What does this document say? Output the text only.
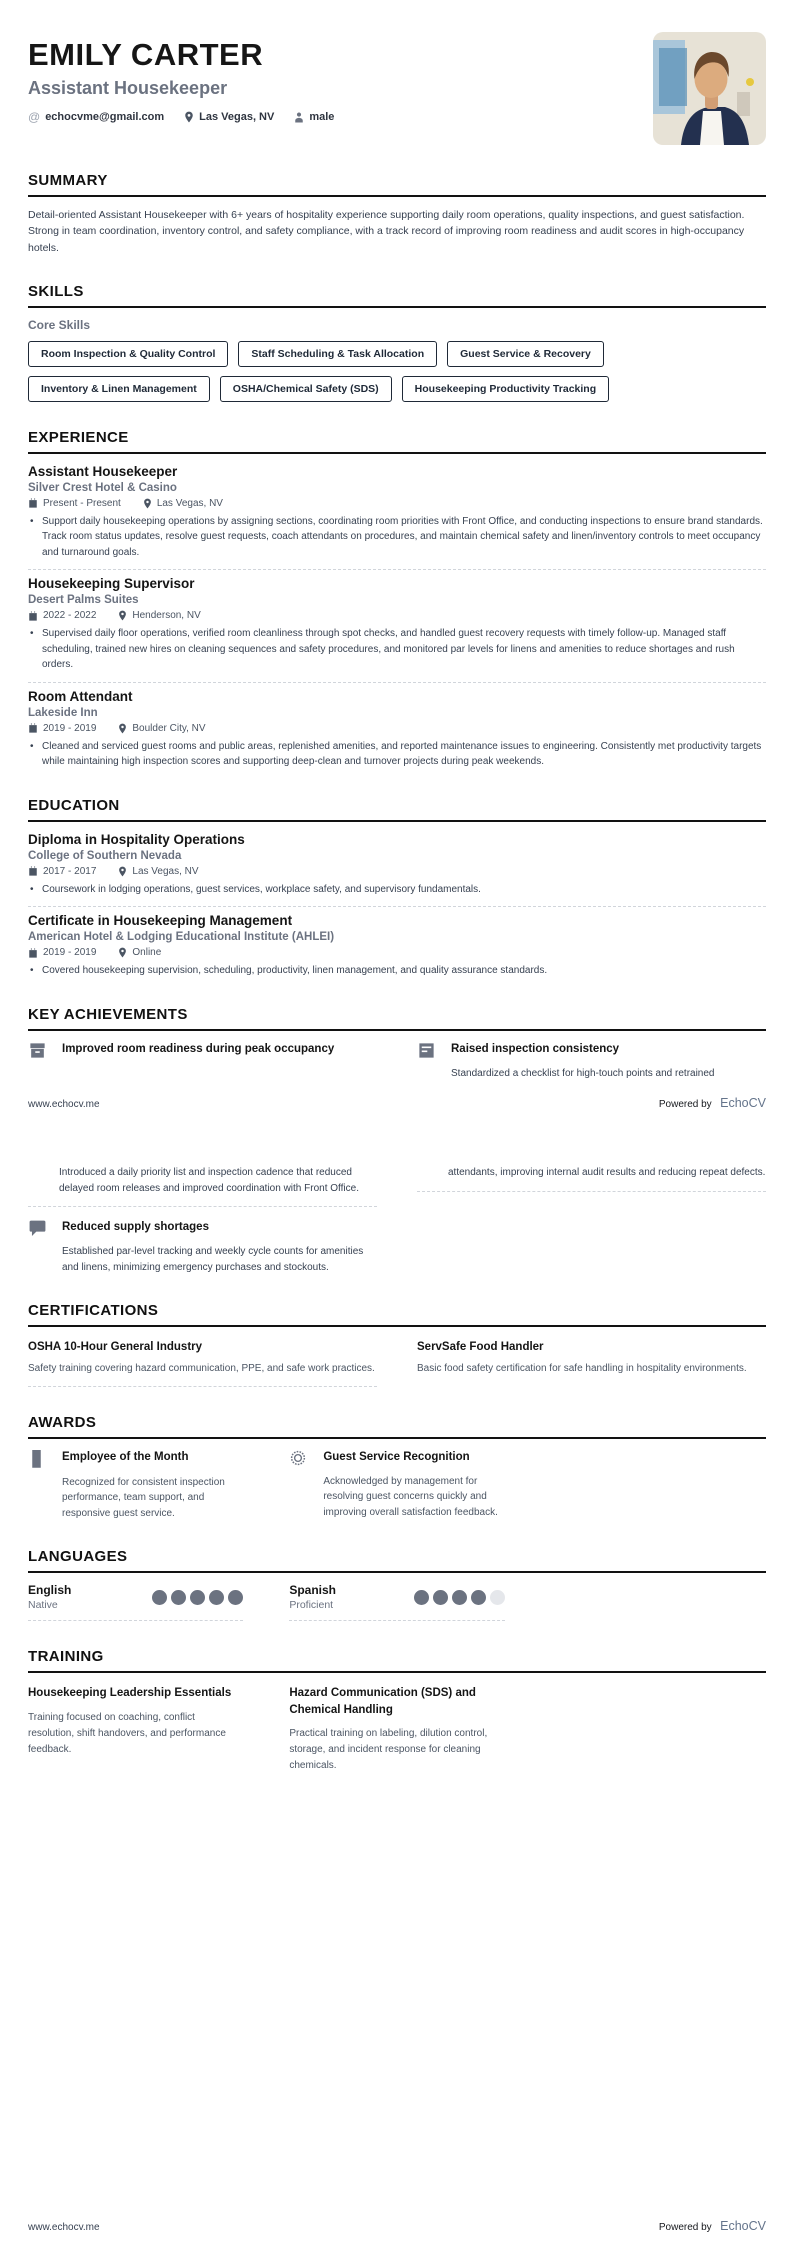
EMILY CARTER
Assistant Housekeeper
@ echocvme@gmail.com	Las Vegas, NV	male
SUMMARY

Detail-oriented Assistant Housekeeper with 6+ years of hospitality experience supporting daily room operations, quality inspections, and guest satisfaction. Strong in team coordination, inventory control, and safety compliance, with a track record of improving room readiness and audit scores in high-occupancy hotels.

SKILLS
Core Skills
Room Inspection & Quality Control	Staff Scheduling & Task Allocation	Guest Service & Recovery
Inventory & Linen Management	OSHA/Chemical Safety (SDS)	Housekeeping Productivity Tracking
EXPERIENCE
Assistant Housekeeper
Silver Crest Hotel & Casino
Present - Present	Las Vegas, NV

• Support daily housekeeping operations by assigning sections, coordinating room priorities with Front Office, and conducting inspections to ensure brand standards. Track room status updates, resolve guest requests, coach attendants on procedures, and maintain chemical safety and linen/inventory controls to meet occupancy and turnaround goals.

Housekeeping Supervisor
Desert Palms Suites
2022 - 2022	Henderson, NV

• Supervised daily floor operations, verified room cleanliness through spot checks, and handled guest recovery requests with timely follow-up. Managed staff scheduling, trained new hires on cleaning sequences and safety procedures, and monitored par levels for linens and amenities to reduce shortages and rush orders.

Room Attendant
Lakeside Inn
2019 - 2019	Boulder City, NV

• Cleaned and serviced guest rooms and public areas, replenished amenities, and reported maintenance issues to engineering. Consistently met productivity targets while maintaining high inspection scores and supporting deep-clean and turnover projects during peak weekends.

EDUCATION
Diploma in Hospitality Operations
College of Southern Nevada
2017 - 2017	Las Vegas, NV

• Coursework in lodging operations, guest services, workplace safety, and supervisory fundamentals.

Certificate in Housekeeping Management
American Hotel & Lodging Educational Institute (AHLEI)
2019 - 2019	Online

• Covered housekeeping supervision, scheduling, productivity, linen management, and quality assurance standards.

KEY ACHIEVEMENTS
Improved room readiness during peak occupancy	Raised inspection consistency

Standardized a checklist for high-touch points and retrained

www.echocv.me	Powered by EchoCV

Introduced a daily priority list and inspection cadence that reduced delayed room releases and improved coordination with Front Office.

Reduced supply shortages

Established par-level tracking and weekly cycle counts for amenities and linens, minimizing emergency purchases and stockouts.

attendants, improving internal audit results and reducing repeat defects.

CERTIFICATIONS
OSHA 10-Hour General Industry

Safety training covering hazard communication, PPE, and safe work practices.

ServSafe Food Handler

Basic food safety certification for safe handling in hospitality environments.

AWARDS
Employee of the Month

Recognized for consistent inspection performance, team support, and responsive guest service.

Guest Service Recognition

Acknowledged by management for resolving guest concerns quickly and improving overall satisfaction feedback.

LANGUAGES
English
Native
Spanish
Proficient
TRAINING
Housekeeping Leadership Essentials

Training focused on coaching, conflict resolution, shift handovers, and performance feedback.

Hazard Communication (SDS) and Chemical Handling

Practical training on labeling, dilution control, storage, and incident response for cleaning chemicals.

www.echocv.me	Powered by EchoCV
